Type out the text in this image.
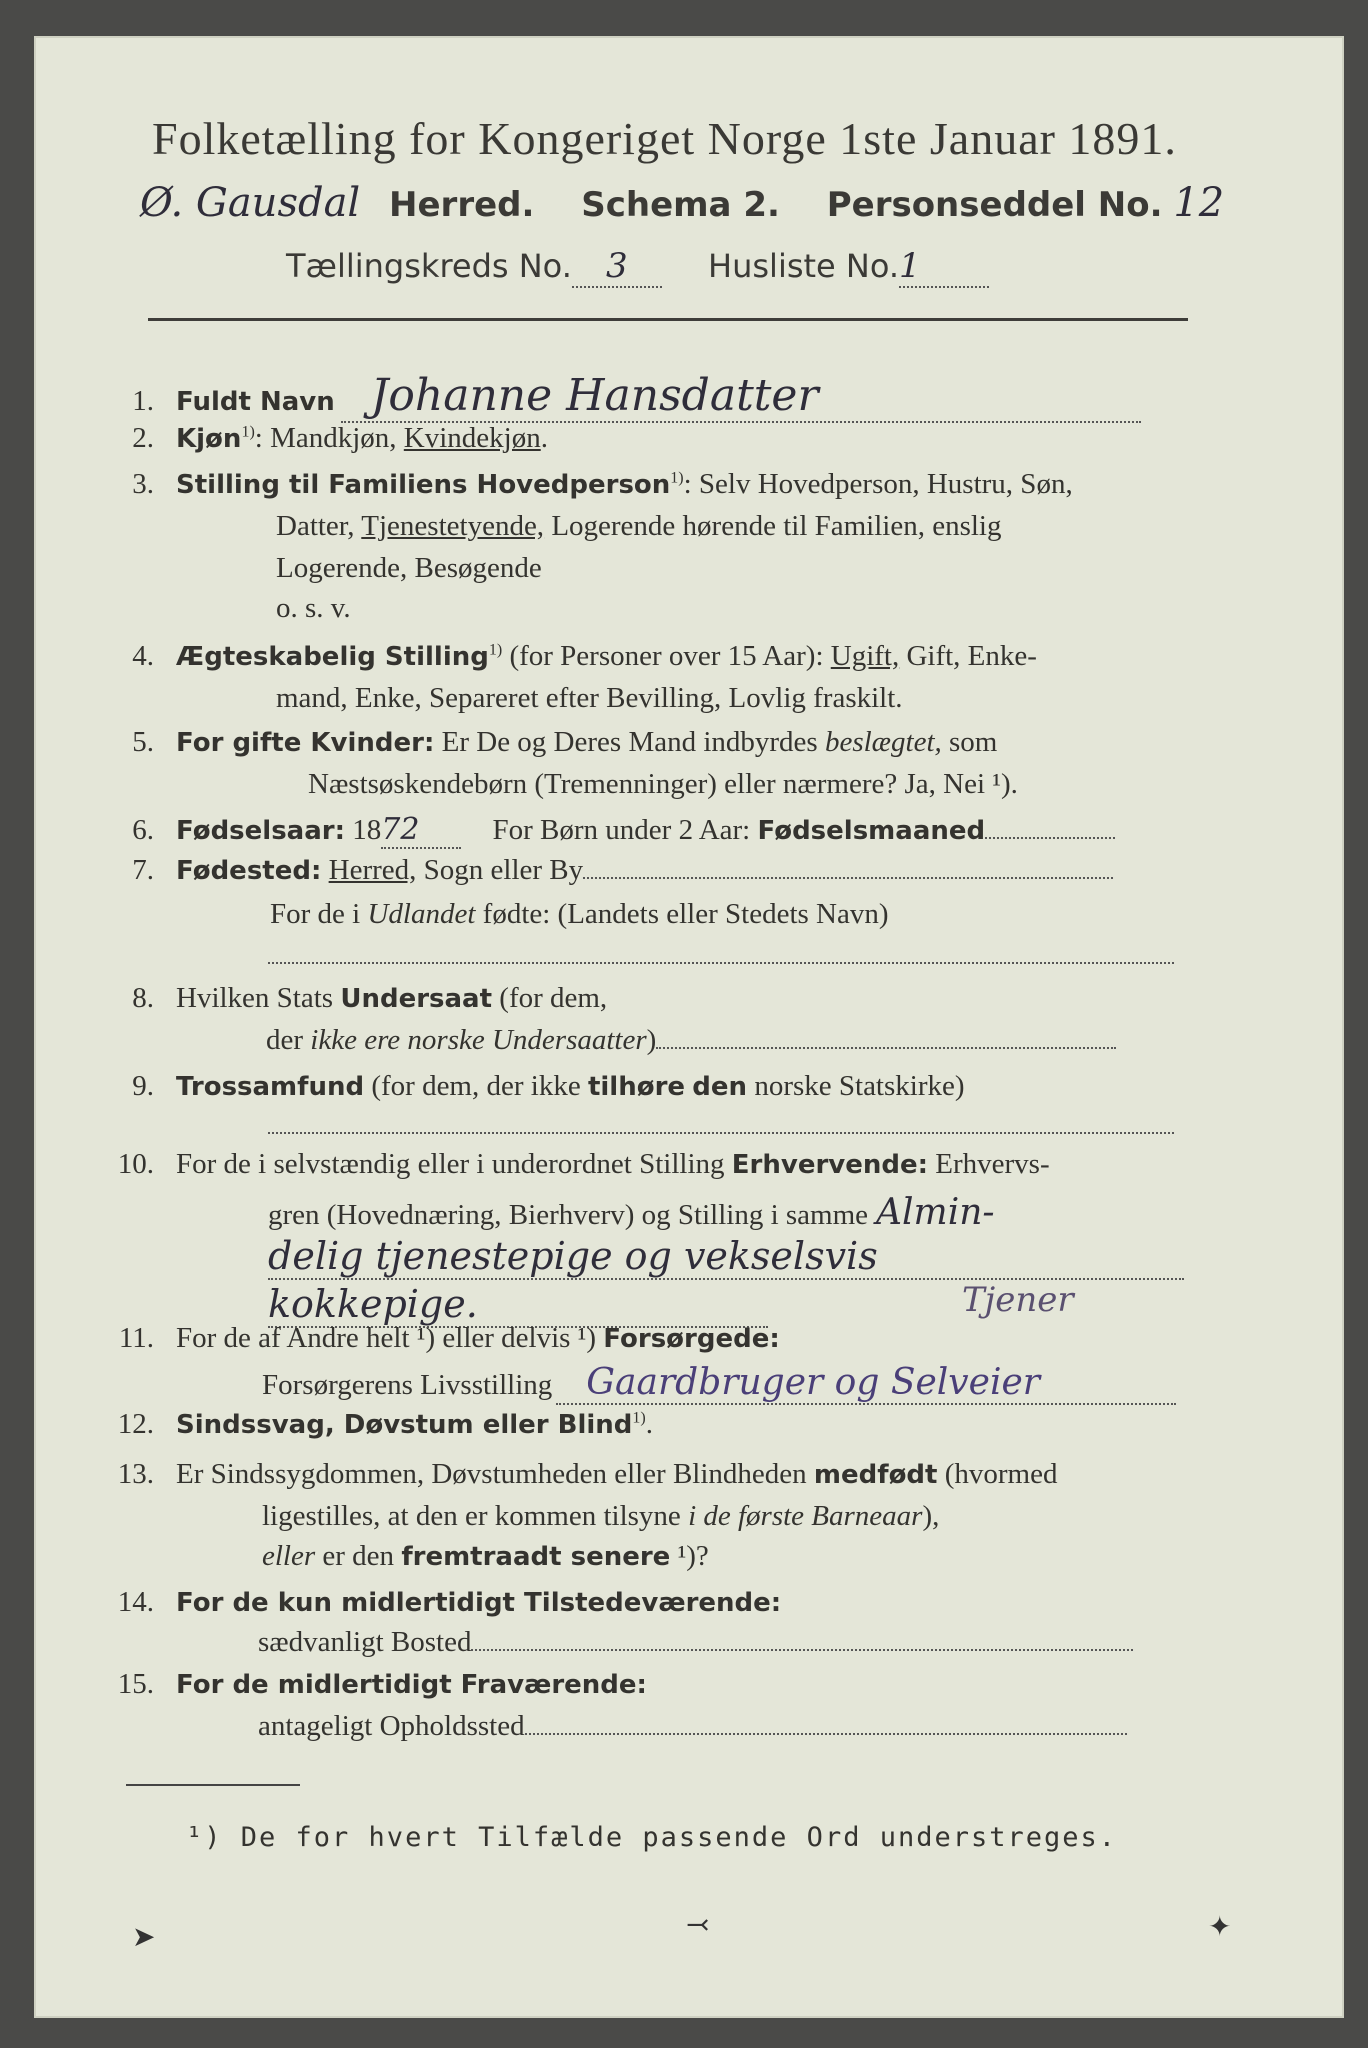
Folketælling for Kongeriget Norge 1ste Januar 1891.
Ø. Gausdal Herred. Schema 2. Personseddel No. 12
Tællingskreds No. 3	Husliste No.1
1. Fuldt Navn Johanne Hansdatter
2. Kjøn$^{1)}$: Mandkjøn, Kvindekjøn.
3. Stilling til Familiens Hovedperson$^{1)}$: Selv Hovedperson, Hustru, Søn,
Datter, Tjenestetyende, Logerende hørende til Familien, enslig
Logerende, Besøgende
o. s. v.
4. Ægteskabelig Stilling$^{1)}$ (for Personer over 15 Aar): Ugift, Gift, Enke-
mand, Enke, Separeret efter Bevilling, Lovlig fraskilt.
5. For gifte Kvinder: Er De og Deres Mand indbyrdes beslægtet, som
Næstsøskendebørn (Tremenninger) eller nærmere? Ja, Nei ¹).
6. Fødselsaar: 1872	For Børn under 2 Aar: Fødselsmaaned
7. Fødested: Herred, Sogn eller By
For de i Udlandet fødte: (Landets eller Stedets Navn)
8. Hvilken Stats Undersaat (for dem,
der ikke ere norske Undersaatter)
9. Trossamfund (for dem, der ikke tilhøre den norske Statskirke)
10. For de i selvstændig eller i underordnet Stilling Erhvervende: Erhvervs-
gren (Hovednæring, Bierhverv) og Stilling i samme Almin-
delig tjenestepige og vekselsvis
kokkepige.	Tjener
11. For de af Andre helt ¹) eller delvis ¹) Forsørgede:
Forsørgerens Livsstilling Gaardbruger og Selveier
12. Sindssvag, Døvstum eller Blind$^{1)}$.
13. Er Sindssygdommen, Døvstumheden eller Blindheden medfødt (hvormed
ligestilles, at den er kommen tilsyne i de første Barneaar),
eller er den fremtraadt senere ¹)?
14. For de kun midlertidigt Tilstedeværende:
sædvanligt Bosted
15. For de midlertidigt Fraværende:
antageligt Opholdssted
¹) De for hvert Tilfælde passende Ord understreges.
➤	⤙	✦
